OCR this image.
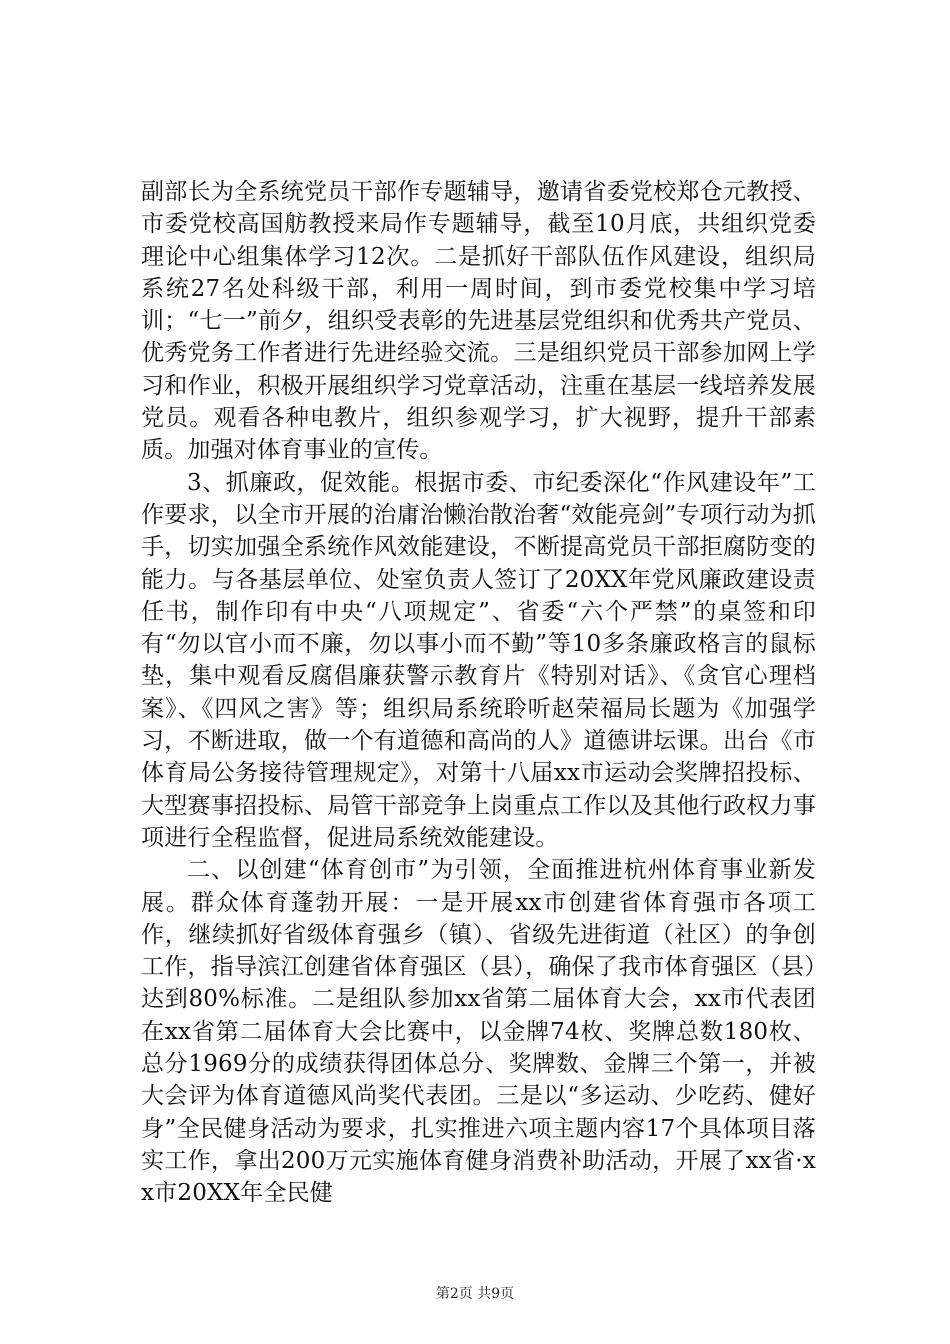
副部长为全系统党员干部作专题辅导，邀请省委党校郑仓元教授、市委党校高国舫教授来局作专题辅导，截至10月底，共组织党委理论中心组集体学习12次。二是抓好干部队伍作风建设，组织局系统27名处科级干部，利用一周时间，到市委党校集中学习培训；“七一”前夕，组织受表彰的先进基层党组织和优秀共产党员、优秀党务工作者进行先进经验交流。三是组织党员干部参加网上学习和作业，积极开展组织学习党章活动，注重在基层一线培养发展党员。观看各种电教片，组织参观学习，扩大视野，提升干部素质。加强对体育事业的宣传。

3、抓廉政，促效能。根据市委、市纪委深化“作风建设年”工作要求，以全市开展的治庸治懒治散治奢“效能亮剑”专项行动为抓手，切实加强全系统作风效能建设，不断提高党员干部拒腐防变的能力。与各基层单位、处室负责人签订了20XX年党风廉政建设责任书，制作印有中央“八项规定”、省委“六个严禁”的桌签和印有“勿以官小而不廉，勿以事小而不勤”等10多条廉政格言的鼠标垫，集中观看反腐倡廉获警示教育片《特别对话》、《贪官心理档案》、《四风之害》等；组织局系统聆听赵荣福局长题为《加强学习，不断进取，做一个有道德和高尚的人》道德讲坛课。出台《市体育局公务接待管理规定》，对第十八届xx市运动会奖牌招投标、大型赛事招投标、局管干部竞争上岗重点工作以及其他行政权力事项进行全程监督，促进局系统效能建设。

二、以创建“体育创市”为引领，全面推进杭州体育事业新发展。群众体育蓬勃开展：一是开展xx市创建省体育强市各项工作，继续抓好省级体育强乡（镇）、省级先进街道（社区）的争创工作，指导滨江创建省体育强区（县），确保了我市体育强区（县）达到80%标准。二是组队参加xx省第二届体育大会，xx市代表团在xx省第二届体育大会比赛中，以金牌74枚、奖牌总数180枚、总分1969分的成绩获得团体总分、奖牌数、金牌三个第一，并被大会评为体育道德风尚奖代表团。三是以“多运动、少吃药、健好身”全民健身活动为要求，扎实推进六项主题内容17个具体项目落实工作，拿出200万元实施体育健身消费补助活动，开展了xx省·xx市20XX年全民健

第2页 共9页
